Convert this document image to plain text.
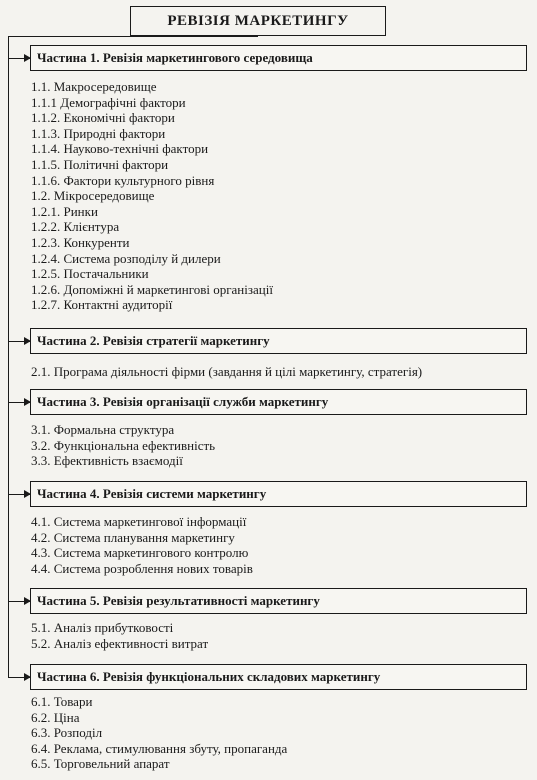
РЕВІЗІЯ МАРКЕТИНГУ
Частина 1. Ревізія маркетингового середовища
1.1. Макросередовище
1.1.1 Демографічні фактори
1.1.2. Економічні фактори
1.1.3. Природні фактори
1.1.4. Науково-технічні фактори
1.1.5. Політичні фактори
1.1.6. Фактори культурного рівня
1.2. Мікросередовище
1.2.1. Ринки
1.2.2. Клієнтура
1.2.3. Конкуренти
1.2.4. Система розподілу й дилери
1.2.5. Постачальники
1.2.6. Допоміжні й маркетингові організації
1.2.7. Контактні аудиторії
Частина 2. Ревізія стратегії маркетингу
2.1. Програма діяльності фірми (завдання й цілі маркетингу, стратегія)
Частина 3. Ревізія організації служби маркетингу
3.1. Формальна структура
3.2. Функціональна ефективність
3.3. Ефективність взаємодії
Частина 4. Ревізія системи маркетингу
4.1. Система маркетингової інформації
4.2. Система планування маркетингу
4.3. Система маркетингового контролю
4.4. Система розроблення нових товарів
Частина 5. Ревізія результативності маркетингу
5.1. Аналіз прибутковості
5.2. Аналіз ефективності витрат
Частина 6. Ревізія функціональних складових маркетингу
6.1. Товари
6.2. Ціна
6.3. Розподіл
6.4. Реклама, стимулювання збуту, пропаганда
6.5. Торговельний апарат
